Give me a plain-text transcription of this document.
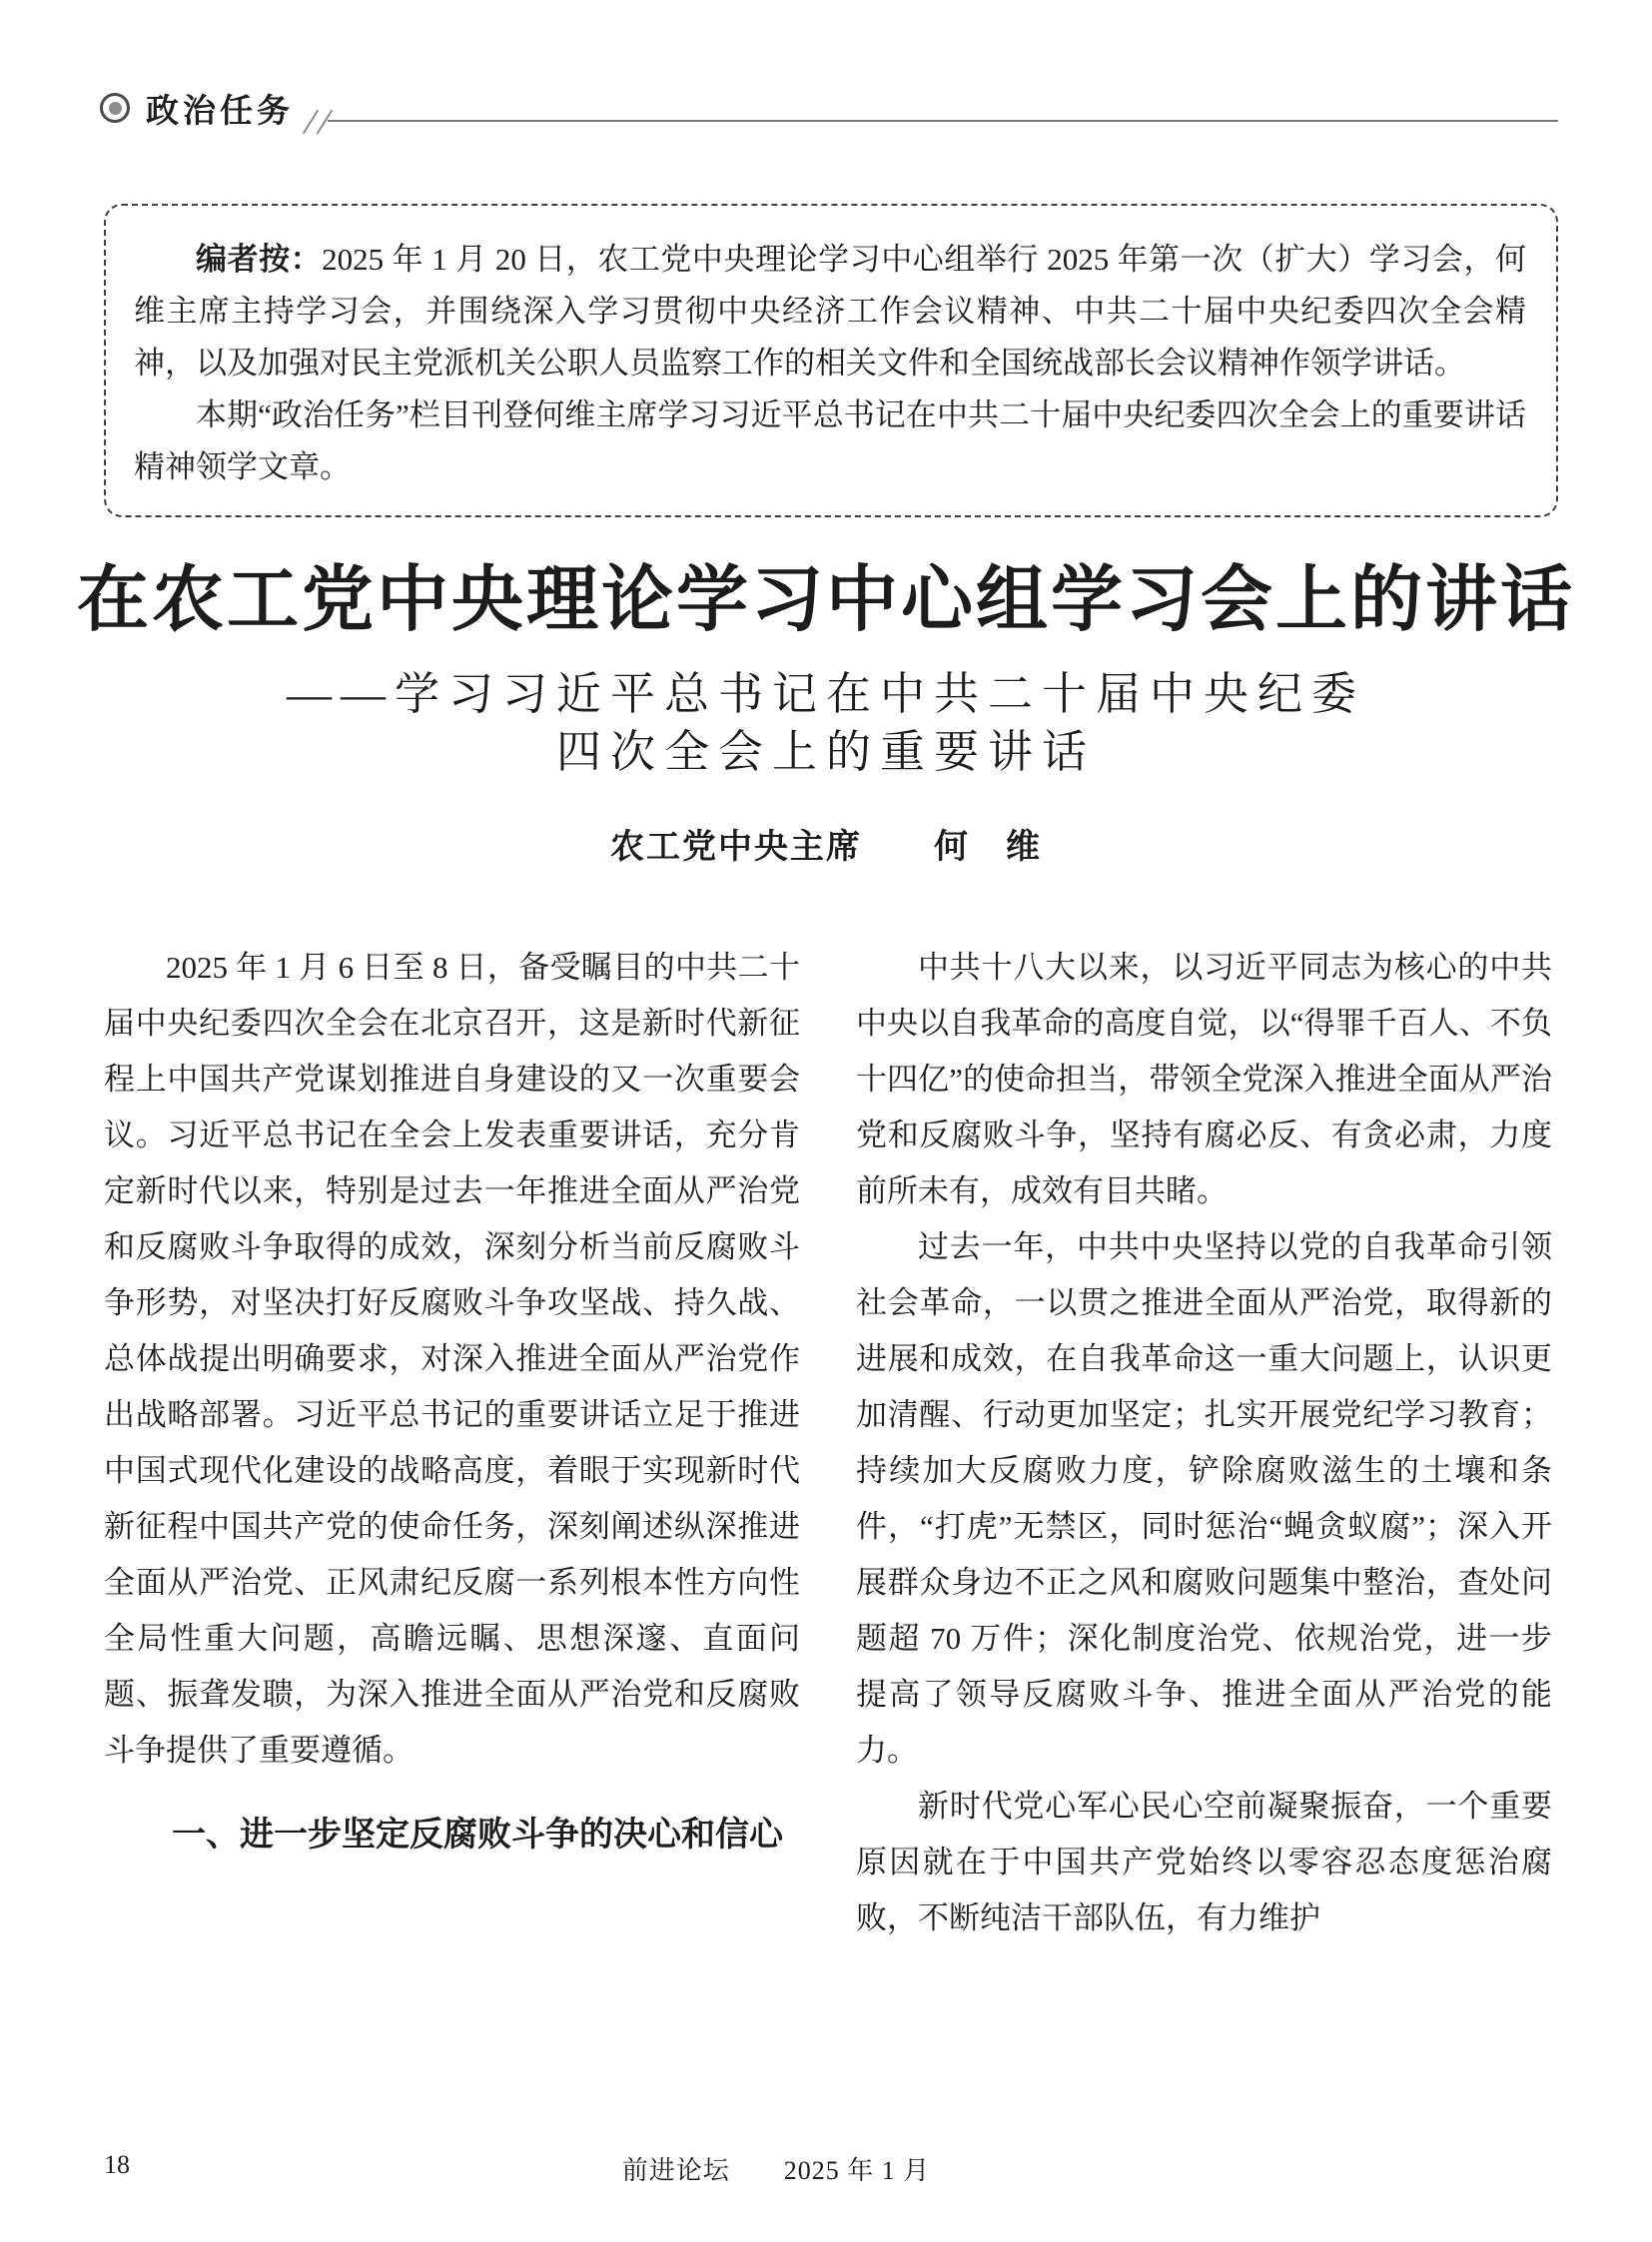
政治任务

编者按：2025 年 1 月 20 日，农工党中央理论学习中心组举行 2025 年第一次（扩大）学习会，何维主席主持学习会，并围绕深入学习贯彻中央经济工作会议精神、中共二十届中央纪委四次全会精神，以及加强对民主党派机关公职人员监察工作的相关文件和全国统战部长会议精神作领学讲话。

本期“政治任务”栏目刊登何维主席学习习近平总书记在中共二十届中央纪委四次全会上的重要讲话精神领学文章。

在农工党中央理论学习中心组学习会上的讲话
——学习习近平总书记在中共二十届中央纪委
四次全会上的重要讲话
农工党中央主席　　何　维

2025 年 1 月 6 日至 8 日，备受瞩目的中共二十届中央纪委四次全会在北京召开，这是新时代新征程上中国共产党谋划推进自身建设的又一次重要会议。习近平总书记在全会上发表重要讲话，充分肯定新时代以来，特别是过去一年推进全面从严治党和反腐败斗争取得的成效，深刻分析当前反腐败斗争形势，对坚决打好反腐败斗争攻坚战、持久战、总体战提出明确要求，对深入推进全面从严治党作出战略部署。习近平总书记的重要讲话立足于推进中国式现代化建设的战略高度，着眼于实现新时代新征程中国共产党的使命任务，深刻阐述纵深推进全面从严治党、正风肃纪反腐一系列根本性方向性全局性重大问题，高瞻远瞩、思想深邃、直面问题、振聋发聩，为深入推进全面从严治党和反腐败斗争提供了重要遵循。

一、进一步坚定反腐败斗争的决心和信心

中共十八大以来，以习近平同志为核心的中共中央以自我革命的高度自觉，以“得罪千百人、不负十四亿”的使命担当，带领全党深入推进全面从严治党和反腐败斗争，坚持有腐必反、有贪必肃，力度前所未有，成效有目共睹。

过去一年，中共中央坚持以党的自我革命引领社会革命，一以贯之推进全面从严治党，取得新的进展和成效，在自我革命这一重大问题上，认识更加清醒、行动更加坚定；扎实开展党纪学习教育；持续加大反腐败力度，铲除腐败滋生的土壤和条件，“打虎”无禁区，同时惩治“蝇贪蚁腐”；深入开展群众身边不正之风和腐败问题集中整治，查处问题超 70 万件；深化制度治党、依规治党，进一步提高了领导反腐败斗争、推进全面从严治党的能力。

新时代党心军心民心空前凝聚振奋，一个重要原因就在于中国共产党始终以零容忍态度惩治腐败，不断纯洁干部队伍，有力维护

18	前进论坛　　2025 年 1 月
